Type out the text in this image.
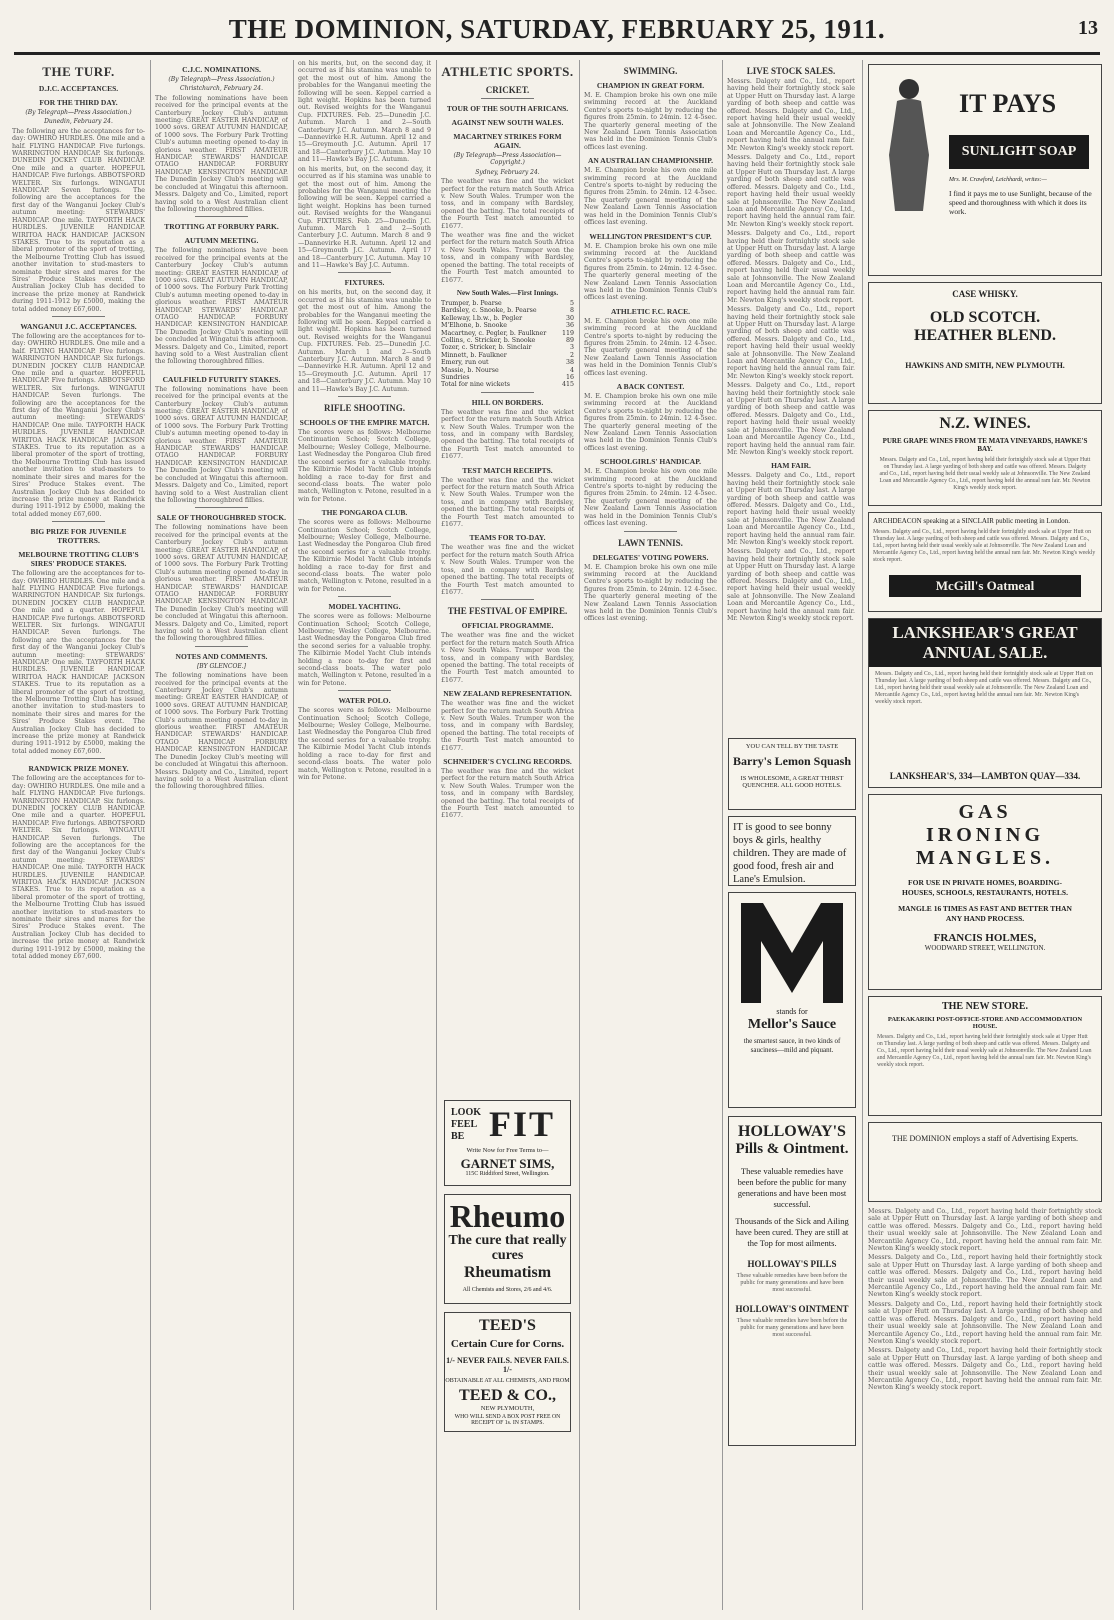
THE DOMINION, SATURDAY, FEBRUARY 25, 1911.	13
THE TURF.
D.J.C. ACCEPTANCES.
FOR THE THIRD DAY.
(By Telegraph—Press Association.)
Dunedin, February 24.
The following are the acceptances for to-day: OWHIRO HURDLES. One mile and a half. FLYING HANDICAP. Five furlongs. WARRINGTON HANDICAP. Six furlongs. DUNEDIN JOCKEY CLUB HANDICAP. One mile and a quarter. HOPEFUL HANDICAP. Five furlongs. ABBOTSFORD WELTER. Six furlongs. WINGATUI HANDICAP. Seven furlongs. The following are the acceptances for the first day of the Wanganui Jockey Club's autumn meeting: STEWARDS' HANDICAP. One mile. TAYFORTH HACK HURDLES. JUVENILE HANDICAP. WIRITOA HACK HANDICAP. JACKSON STAKES. True to its reputation as a liberal promoter of the sport of trotting, the Melbourne Trotting Club has issued another invitation to stud-masters to nominate their sires and mares for the Sires' Produce Stakes event. The Australian Jockey Club has decided to increase the prize money at Randwick during 1911-1912 by £5000, making the total added money £67,600.
WANGANUI J.C. ACCEPTANCES.
The following are the acceptances for to-day: OWHIRO HURDLES. One mile and a half. FLYING HANDICAP. Five furlongs. WARRINGTON HANDICAP. Six furlongs. DUNEDIN JOCKEY CLUB HANDICAP. One mile and a quarter. HOPEFUL HANDICAP. Five furlongs. ABBOTSFORD WELTER. Six furlongs. WINGATUI HANDICAP. Seven furlongs. The following are the acceptances for the first day of the Wanganui Jockey Club's autumn meeting: STEWARDS' HANDICAP. One mile. TAYFORTH HACK HURDLES. JUVENILE HANDICAP. WIRITOA HACK HANDICAP. JACKSON STAKES. True to its reputation as a liberal promoter of the sport of trotting, the Melbourne Trotting Club has issued another invitation to stud-masters to nominate their sires and mares for the Sires' Produce Stakes event. The Australian Jockey Club has decided to increase the prize money at Randwick during 1911-1912 by £5000, making the total added money £67,600.
BIG PRIZE FOR JUVENILE TROTTERS.
MELBOURNE TROTTING CLUB'S SIRES' PRODUCE STAKES.
The following are the acceptances for to-day: OWHIRO HURDLES. One mile and a half. FLYING HANDICAP. Five furlongs. WARRINGTON HANDICAP. Six furlongs. DUNEDIN JOCKEY CLUB HANDICAP. One mile and a quarter. HOPEFUL HANDICAP. Five furlongs. ABBOTSFORD WELTER. Six furlongs. WINGATUI HANDICAP. Seven furlongs. The following are the acceptances for the first day of the Wanganui Jockey Club's autumn meeting: STEWARDS' HANDICAP. One mile. TAYFORTH HACK HURDLES. JUVENILE HANDICAP. WIRITOA HACK HANDICAP. JACKSON STAKES. True to its reputation as a liberal promoter of the sport of trotting, the Melbourne Trotting Club has issued another invitation to stud-masters to nominate their sires and mares for the Sires' Produce Stakes event. The Australian Jockey Club has decided to increase the prize money at Randwick during 1911-1912 by £5000, making the total added money £67,600.
RANDWICK PRIZE MONEY.
The following are the acceptances for to-day: OWHIRO HURDLES. One mile and a half. FLYING HANDICAP. Five furlongs. WARRINGTON HANDICAP. Six furlongs. DUNEDIN JOCKEY CLUB HANDICAP. One mile and a quarter. HOPEFUL HANDICAP. Five furlongs. ABBOTSFORD WELTER. Six furlongs. WINGATUI HANDICAP. Seven furlongs. The following are the acceptances for the first day of the Wanganui Jockey Club's autumn meeting: STEWARDS' HANDICAP. One mile. TAYFORTH HACK HURDLES. JUVENILE HANDICAP. WIRITOA HACK HANDICAP. JACKSON STAKES. True to its reputation as a liberal promoter of the sport of trotting, the Melbourne Trotting Club has issued another invitation to stud-masters to nominate their sires and mares for the Sires' Produce Stakes event. The Australian Jockey Club has decided to increase the prize money at Randwick during 1911-1912 by £5000, making the total added money £67,600.
C.J.C. NOMINATIONS.
(By Telegraph—Press Association.)
Christchurch, February 24.
The following nominations have been received for the principal events at the Canterbury Jockey Club's autumn meeting: GREAT EASTER HANDICAP, of 1000 sovs. GREAT AUTUMN HANDICAP, of 1000 sovs. The Forbury Park Trotting Club's autumn meeting opened to-day in glorious weather. FIRST AMATEUR HANDICAP. STEWARDS' HANDICAP. OTAGO HANDICAP. FORBURY HANDICAP. KENSINGTON HANDICAP. The Dunedin Jockey Club's meeting will be concluded at Wingatui this afternoon. Messrs. Dalgety and Co., Limited, report having sold to a West Australian client the following thoroughbred fillies.
TROTTING AT FORBURY PARK.
AUTUMN MEETING.
The following nominations have been received for the principal events at the Canterbury Jockey Club's autumn meeting: GREAT EASTER HANDICAP, of 1000 sovs. GREAT AUTUMN HANDICAP, of 1000 sovs. The Forbury Park Trotting Club's autumn meeting opened to-day in glorious weather. FIRST AMATEUR HANDICAP. STEWARDS' HANDICAP. OTAGO HANDICAP. FORBURY HANDICAP. KENSINGTON HANDICAP. The Dunedin Jockey Club's meeting will be concluded at Wingatui this afternoon. Messrs. Dalgety and Co., Limited, report having sold to a West Australian client the following thoroughbred fillies.
CAULFIELD FUTURITY STAKES.
The following nominations have been received for the principal events at the Canterbury Jockey Club's autumn meeting: GREAT EASTER HANDICAP, of 1000 sovs. GREAT AUTUMN HANDICAP, of 1000 sovs. The Forbury Park Trotting Club's autumn meeting opened to-day in glorious weather. FIRST AMATEUR HANDICAP. STEWARDS' HANDICAP. OTAGO HANDICAP. FORBURY HANDICAP. KENSINGTON HANDICAP. The Dunedin Jockey Club's meeting will be concluded at Wingatui this afternoon. Messrs. Dalgety and Co., Limited, report having sold to a West Australian client the following thoroughbred fillies.
SALE OF THOROUGHBRED STOCK.
The following nominations have been received for the principal events at the Canterbury Jockey Club's autumn meeting: GREAT EASTER HANDICAP, of 1000 sovs. GREAT AUTUMN HANDICAP, of 1000 sovs. The Forbury Park Trotting Club's autumn meeting opened to-day in glorious weather. FIRST AMATEUR HANDICAP. STEWARDS' HANDICAP. OTAGO HANDICAP. FORBURY HANDICAP. KENSINGTON HANDICAP. The Dunedin Jockey Club's meeting will be concluded at Wingatui this afternoon. Messrs. Dalgety and Co., Limited, report having sold to a West Australian client the following thoroughbred fillies.
NOTES AND COMMENTS.
[BY GLENCOE.]
The following nominations have been received for the principal events at the Canterbury Jockey Club's autumn meeting: GREAT EASTER HANDICAP, of 1000 sovs. GREAT AUTUMN HANDICAP, of 1000 sovs. The Forbury Park Trotting Club's autumn meeting opened to-day in glorious weather. FIRST AMATEUR HANDICAP. STEWARDS' HANDICAP. OTAGO HANDICAP. FORBURY HANDICAP. KENSINGTON HANDICAP. The Dunedin Jockey Club's meeting will be concluded at Wingatui this afternoon. Messrs. Dalgety and Co., Limited, report having sold to a West Australian client the following thoroughbred fillies.
on his merits, but, on the second day, it occurred as if his stamina was unable to get the most out of him. Among the probables for the Wanganui meeting the following will be seen. Keppel carried a light weight. Hopkins has been turned out. Revised weights for the Wanganui Cup. FIXTURES. Feb. 25—Dunedin J.C. Autumn. March 1 and 2—South Canterbury J.C. Autumn. March 8 and 9—Dannevirke H.R. Autumn. April 12 and 15—Greymouth J.C. Autumn. April 17 and 18—Canterbury J.C. Autumn. May 10 and 11—Hawke's Bay J.C. Autumn.
on his merits, but, on the second day, it occurred as if his stamina was unable to get the most out of him. Among the probables for the Wanganui meeting the following will be seen. Keppel carried a light weight. Hopkins has been turned out. Revised weights for the Wanganui Cup. FIXTURES. Feb. 25—Dunedin J.C. Autumn. March 1 and 2—South Canterbury J.C. Autumn. March 8 and 9—Dannevirke H.R. Autumn. April 12 and 15—Greymouth J.C. Autumn. April 17 and 18—Canterbury J.C. Autumn. May 10 and 11—Hawke's Bay J.C. Autumn.
FIXTURES.
on his merits, but, on the second day, it occurred as if his stamina was unable to get the most out of him. Among the probables for the Wanganui meeting the following will be seen. Keppel carried a light weight. Hopkins has been turned out. Revised weights for the Wanganui Cup. FIXTURES. Feb. 25—Dunedin J.C. Autumn. March 1 and 2—South Canterbury J.C. Autumn. March 8 and 9—Dannevirke H.R. Autumn. April 12 and 15—Greymouth J.C. Autumn. April 17 and 18—Canterbury J.C. Autumn. May 10 and 11—Hawke's Bay J.C. Autumn.
RIFLE SHOOTING.
SCHOOLS OF THE EMPIRE MATCH.
The scores were as follows: Melbourne Continuation School; Scotch College, Melbourne; Wesley College, Melbourne. Last Wednesday the Pongaroa Club fired the second series for a valuable trophy. The Kilbirnie Model Yacht Club intends holding a race to-day for first and second-class boats. The water polo match, Wellington v. Petone, resulted in a win for Petone.
THE PONGAROA CLUB.
The scores were as follows: Melbourne Continuation School; Scotch College, Melbourne; Wesley College, Melbourne. Last Wednesday the Pongaroa Club fired the second series for a valuable trophy. The Kilbirnie Model Yacht Club intends holding a race to-day for first and second-class boats. The water polo match, Wellington v. Petone, resulted in a win for Petone.
MODEL YACHTING.
The scores were as follows: Melbourne Continuation School; Scotch College, Melbourne; Wesley College, Melbourne. Last Wednesday the Pongaroa Club fired the second series for a valuable trophy. The Kilbirnie Model Yacht Club intends holding a race to-day for first and second-class boats. The water polo match, Wellington v. Petone, resulted in a win for Petone.
WATER POLO.
The scores were as follows: Melbourne Continuation School; Scotch College, Melbourne; Wesley College, Melbourne. Last Wednesday the Pongaroa Club fired the second series for a valuable trophy. The Kilbirnie Model Yacht Club intends holding a race to-day for first and second-class boats. The water polo match, Wellington v. Petone, resulted in a win for Petone.
ATHLETIC SPORTS.
CRICKET.
TOUR OF THE SOUTH AFRICANS.
AGAINST NEW SOUTH WALES.
MACARTNEY STRIKES FORM AGAIN.
(By Telegraph—Press Association—Copyright.)
Sydney, February 24.
The weather was fine and the wicket perfect for the return match South Africa v. New South Wales. Trumper won the toss, and in company with Bardsley, opened the batting. The total receipts of the Fourth Test match amounted to £1677.
The weather was fine and the wicket perfect for the return match South Africa v. New South Wales. Trumper won the toss, and in company with Bardsley, opened the batting. The total receipts of the Fourth Test match amounted to £1677.
New South Wales.—First Innings.
Trumper, b. Pearse	5
Bardsley, c. Snooke, b. Pearse	8
Kelleway, l.b.w., b. Pegler	30
M'Elhone, b. Snooke	36
Macartney, c. Pegler, b. Faulkner	119
Collins, c. Stricker, b. Snooke	89
Tozer, c. Stricker, b. Sinclair	3
Minnett, b. Faulkner	2
Emery, run out	38
Massie, b. Nourse	4
Sundries	16
Total for nine wickets	415
HILL ON BORDERS.
The weather was fine and the wicket perfect for the return match South Africa v. New South Wales. Trumper won the toss, and in company with Bardsley, opened the batting. The total receipts of the Fourth Test match amounted to £1677.
TEST MATCH RECEIPTS.
The weather was fine and the wicket perfect for the return match South Africa v. New South Wales. Trumper won the toss, and in company with Bardsley, opened the batting. The total receipts of the Fourth Test match amounted to £1677.
TEAMS FOR TO-DAY.
The weather was fine and the wicket perfect for the return match South Africa v. New South Wales. Trumper won the toss, and in company with Bardsley, opened the batting. The total receipts of the Fourth Test match amounted to £1677.
THE FESTIVAL OF EMPIRE.
OFFICIAL PROGRAMME.
The weather was fine and the wicket perfect for the return match South Africa v. New South Wales. Trumper won the toss, and in company with Bardsley, opened the batting. The total receipts of the Fourth Test match amounted to £1677.
NEW ZEALAND REPRESENTATION.
The weather was fine and the wicket perfect for the return match South Africa v. New South Wales. Trumper won the toss, and in company with Bardsley, opened the batting. The total receipts of the Fourth Test match amounted to £1677.
SCHNEIDER'S CYCLING RECORDS.
The weather was fine and the wicket perfect for the return match South Africa v. New South Wales. Trumper won the toss, and in company with Bardsley, opened the batting. The total receipts of the Fourth Test match amounted to £1677.
SWIMMING.
CHAMPION IN GREAT FORM.
M. E. Champion broke his own one mile swimming record at the Auckland Centre's sports to-night by reducing the figures from 25min. to 24min. 12 4-5sec. The quarterly general meeting of the New Zealand Lawn Tennis Association was held in the Dominion Tennis Club's offices last evening.
AN AUSTRALIAN CHAMPIONSHIP.
M. E. Champion broke his own one mile swimming record at the Auckland Centre's sports to-night by reducing the figures from 25min. to 24min. 12 4-5sec. The quarterly general meeting of the New Zealand Lawn Tennis Association was held in the Dominion Tennis Club's offices last evening.
WELLINGTON PRESIDENT'S CUP.
M. E. Champion broke his own one mile swimming record at the Auckland Centre's sports to-night by reducing the figures from 25min. to 24min. 12 4-5sec. The quarterly general meeting of the New Zealand Lawn Tennis Association was held in the Dominion Tennis Club's offices last evening.
ATHLETIC F.C. RACE.
M. E. Champion broke his own one mile swimming record at the Auckland Centre's sports to-night by reducing the figures from 25min. to 24min. 12 4-5sec. The quarterly general meeting of the New Zealand Lawn Tennis Association was held in the Dominion Tennis Club's offices last evening.
A BACK CONTEST.
M. E. Champion broke his own one mile swimming record at the Auckland Centre's sports to-night by reducing the figures from 25min. to 24min. 12 4-5sec. The quarterly general meeting of the New Zealand Lawn Tennis Association was held in the Dominion Tennis Club's offices last evening.
SCHOOLGIRLS' HANDICAP.
M. E. Champion broke his own one mile swimming record at the Auckland Centre's sports to-night by reducing the figures from 25min. to 24min. 12 4-5sec. The quarterly general meeting of the New Zealand Lawn Tennis Association was held in the Dominion Tennis Club's offices last evening.
LAWN TENNIS.
DELEGATES' VOTING POWERS.
M. E. Champion broke his own one mile swimming record at the Auckland Centre's sports to-night by reducing the figures from 25min. to 24min. 12 4-5sec. The quarterly general meeting of the New Zealand Lawn Tennis Association was held in the Dominion Tennis Club's offices last evening.
LOOK
FEEL
BE FIT
Write Now for Free Terms to—
GARNET SIMS,
115C Riddiford Street, Wellington.
Rheumo
The cure that really cures
Rheumatism
All Chemists and Stores, 2/6 and 4/6.
TEED'S
Certain Cure for Corns.
1/- NEVER FAILS. NEVER FAILS. 1/-
OBTAINABLE AT ALL CHEMISTS, AND FROM
TEED & CO.,
NEW PLYMOUTH,
WHO WILL SEND A BOX POST FREE ON RECEIPT OF 1s. IN STAMPS.
LIVE STOCK SALES.
Messrs. Dalgety and Co., Ltd., report having held their fortnightly stock sale at Upper Hutt on Thursday last. A large yarding of both sheep and cattle was offered. Messrs. Dalgety and Co., Ltd., report having held their usual weekly sale at Johnsonville. The New Zealand Loan and Mercantile Agency Co., Ltd., report having held the annual ram fair. Mr. Newton King's weekly stock report.
Messrs. Dalgety and Co., Ltd., report having held their fortnightly stock sale at Upper Hutt on Thursday last. A large yarding of both sheep and cattle was offered. Messrs. Dalgety and Co., Ltd., report having held their usual weekly sale at Johnsonville. The New Zealand Loan and Mercantile Agency Co., Ltd., report having held the annual ram fair. Mr. Newton King's weekly stock report.
Messrs. Dalgety and Co., Ltd., report having held their fortnightly stock sale at Upper Hutt on Thursday last. A large yarding of both sheep and cattle was offered. Messrs. Dalgety and Co., Ltd., report having held their usual weekly sale at Johnsonville. The New Zealand Loan and Mercantile Agency Co., Ltd., report having held the annual ram fair. Mr. Newton King's weekly stock report.
Messrs. Dalgety and Co., Ltd., report having held their fortnightly stock sale at Upper Hutt on Thursday last. A large yarding of both sheep and cattle was offered. Messrs. Dalgety and Co., Ltd., report having held their usual weekly sale at Johnsonville. The New Zealand Loan and Mercantile Agency Co., Ltd., report having held the annual ram fair. Mr. Newton King's weekly stock report.
Messrs. Dalgety and Co., Ltd., report having held their fortnightly stock sale at Upper Hutt on Thursday last. A large yarding of both sheep and cattle was offered. Messrs. Dalgety and Co., Ltd., report having held their usual weekly sale at Johnsonville. The New Zealand Loan and Mercantile Agency Co., Ltd., report having held the annual ram fair. Mr. Newton King's weekly stock report.
HAM FAIR.
Messrs. Dalgety and Co., Ltd., report having held their fortnightly stock sale at Upper Hutt on Thursday last. A large yarding of both sheep and cattle was offered. Messrs. Dalgety and Co., Ltd., report having held their usual weekly sale at Johnsonville. The New Zealand Loan and Mercantile Agency Co., Ltd., report having held the annual ram fair. Mr. Newton King's weekly stock report.
Messrs. Dalgety and Co., Ltd., report having held their fortnightly stock sale at Upper Hutt on Thursday last. A large yarding of both sheep and cattle was offered. Messrs. Dalgety and Co., Ltd., report having held their usual weekly sale at Johnsonville. The New Zealand Loan and Mercantile Agency Co., Ltd., report having held the annual ram fair. Mr. Newton King's weekly stock report.
YOU CAN TELL BY THE TASTE
Barry's Lemon Squash
IS WHOLESOME, A GREAT THIRST QUENCHER. ALL GOOD HOTELS.
IT is good to see bonny boys & girls, healthy children. They are made of good food, fresh air and Lane's Emulsion.
stands for
Mellor's Sauce
the smartest sauce, in two kinds of sauciness—mild and piquant.
HOLLOWAY'S
Pills & Ointment.
These valuable remedies have been before the public for many generations and have been most successful.
Thousands of the Sick and Ailing have been cured. They are still at the Top for most ailments.
HOLLOWAY'S PILLS
These valuable remedies have been before the public for many generations and have been most successful.
HOLLOWAY'S OINTMENT
These valuable remedies have been before the public for many generations and have been most successful.
IT PAYS
SUNLIGHT SOAP
Mrs. M. Crawford, Leichhardt, writes:—
I find it pays me to use Sunlight, because of the speed and thoroughness with which it does its work.
CASE WHISKY.
OLD SCOTCH.
HEATHER BLEND.
HAWKINS AND SMITH, NEW PLYMOUTH.
N.Z. WINES.
PURE GRAPE WINES FROM TE MATA VINEYARDS, HAWKE'S BAY.
Messrs. Dalgety and Co., Ltd., report having held their fortnightly stock sale at Upper Hutt on Thursday last. A large yarding of both sheep and cattle was offered. Messrs. Dalgety and Co., Ltd., report having held their usual weekly sale at Johnsonville. The New Zealand Loan and Mercantile Agency Co., Ltd., report having held the annual ram fair. Mr. Newton King's weekly stock report.
ARCHDEACON speaking at a SINCLAIR public meeting in London.
Messrs. Dalgety and Co., Ltd., report having held their fortnightly stock sale at Upper Hutt on Thursday last. A large yarding of both sheep and cattle was offered. Messrs. Dalgety and Co., Ltd., report having held their usual weekly sale at Johnsonville. The New Zealand Loan and Mercantile Agency Co., Ltd., report having held the annual ram fair. Mr. Newton King's weekly stock report.
McGill's Oatmeal
LANKSHEAR'S GREAT ANNUAL SALE.
Messrs. Dalgety and Co., Ltd., report having held their fortnightly stock sale at Upper Hutt on Thursday last. A large yarding of both sheep and cattle was offered. Messrs. Dalgety and Co., Ltd., report having held their usual weekly sale at Johnsonville. The New Zealand Loan and Mercantile Agency Co., Ltd., report having held the annual ram fair. Mr. Newton King's weekly stock report.
LANKSHEAR'S, 334—LAMBTON QUAY—334.
GAS
IRONING
MANGLES.
FOR USE IN PRIVATE HOMES, BOARDING-HOUSES, SCHOOLS, RESTAURANTS, HOTELS.
MANGLE 16 TIMES AS FAST AND BETTER THAN ANY HAND PROCESS.
FRANCIS HOLMES,
WOODWARD STREET, WELLINGTON.
THE NEW STORE.
PAEKAKARIKI POST-OFFICE-STORE AND ACCOMMODATION HOUSE.
Messrs. Dalgety and Co., Ltd., report having held their fortnightly stock sale at Upper Hutt on Thursday last. A large yarding of both sheep and cattle was offered. Messrs. Dalgety and Co., Ltd., report having held their usual weekly sale at Johnsonville. The New Zealand Loan and Mercantile Agency Co., Ltd., report having held the annual ram fair. Mr. Newton King's weekly stock report.
THE DOMINION employs a staff of Advertising Experts.
Messrs. Dalgety and Co., Ltd., report having held their fortnightly stock sale at Upper Hutt on Thursday last. A large yarding of both sheep and cattle was offered. Messrs. Dalgety and Co., Ltd., report having held their usual weekly sale at Johnsonville. The New Zealand Loan and Mercantile Agency Co., Ltd., report having held the annual ram fair. Mr. Newton King's weekly stock report.
Messrs. Dalgety and Co., Ltd., report having held their fortnightly stock sale at Upper Hutt on Thursday last. A large yarding of both sheep and cattle was offered. Messrs. Dalgety and Co., Ltd., report having held their usual weekly sale at Johnsonville. The New Zealand Loan and Mercantile Agency Co., Ltd., report having held the annual ram fair. Mr. Newton King's weekly stock report.
Messrs. Dalgety and Co., Ltd., report having held their fortnightly stock sale at Upper Hutt on Thursday last. A large yarding of both sheep and cattle was offered. Messrs. Dalgety and Co., Ltd., report having held their usual weekly sale at Johnsonville. The New Zealand Loan and Mercantile Agency Co., Ltd., report having held the annual ram fair. Mr. Newton King's weekly stock report.
Messrs. Dalgety and Co., Ltd., report having held their fortnightly stock sale at Upper Hutt on Thursday last. A large yarding of both sheep and cattle was offered. Messrs. Dalgety and Co., Ltd., report having held their usual weekly sale at Johnsonville. The New Zealand Loan and Mercantile Agency Co., Ltd., report having held the annual ram fair. Mr. Newton King's weekly stock report.
